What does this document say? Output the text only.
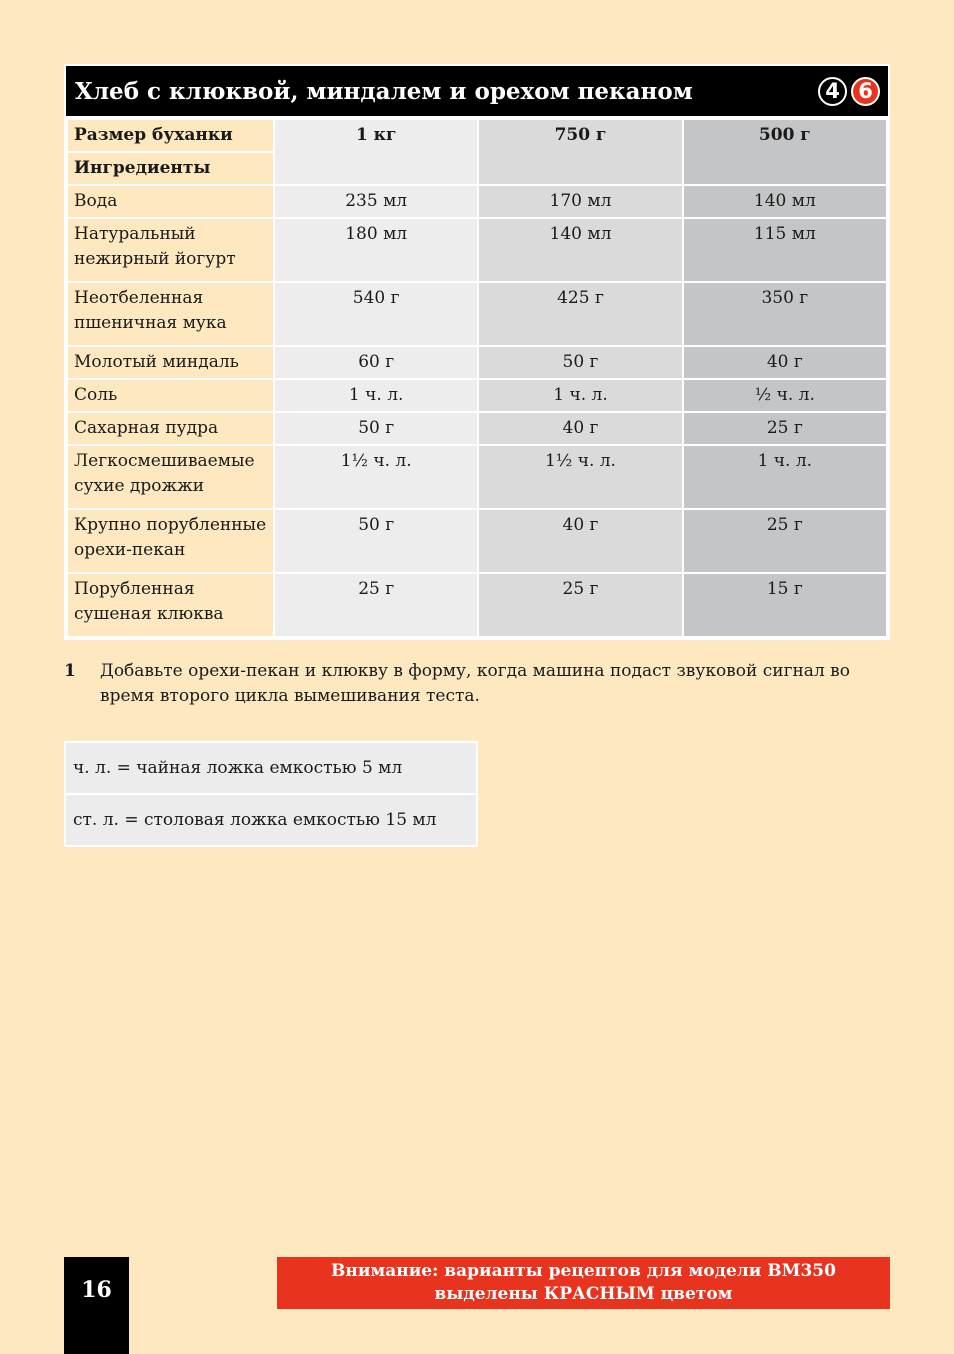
Хлеб с клюквой, миндалем и орехом пеканом	4 6
Размер буханки	1 кг	750 г	500 г
Ингредиенты			
Вода	235 мл	170 мл	140 мл
Натуральный нежирный йогурт	180 мл	140 мл	115 мл
Неотбеленная пшеничная мука	540 г	425 г	350 г
Молотый миндаль	60 г	50 г	40 г
Соль	1 ч. л.	1 ч. л.	½ ч. л.
Сахарная пудра	50 г	40 г	25 г
Легкосмешиваемые сухие дрожжи	1½ ч. л.	1½ ч. л.	1 ч. л.
Крупно порубленные орехи-пекан	50 г	40 г	25 г
Порубленная сушеная клюква	25 г	25 г	15 г
1	Добавьте орехи-пекан и клюкву в форму, когда машина подаст звуковой сигнал во время второго цикла вымешивания теста.
ч. л. = чайная ложка емкостью 5 мл
ст. л. = столовая ложка емкостью 15 мл
16
Внимание: варианты рецептов для модели BM350
выделены КРАСНЫМ цветом
